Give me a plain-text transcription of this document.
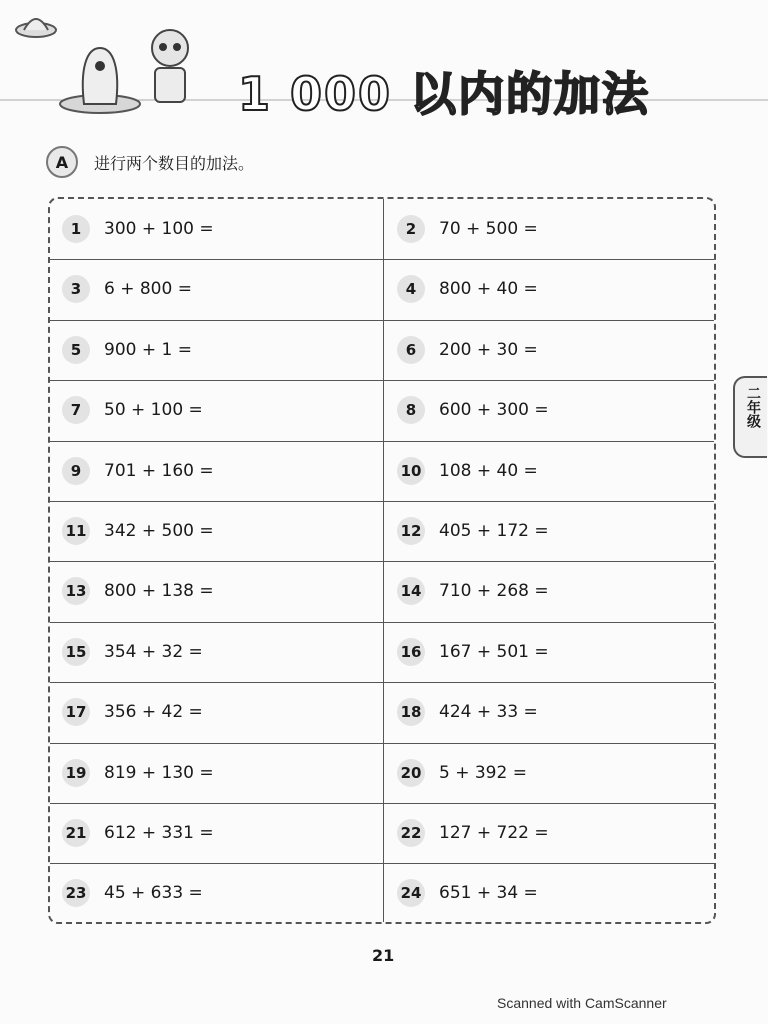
1 000 以内的加法
A	进行两个数目的加法。
1	300 + 100 =	2	70 + 500 =
3	6 + 800 =	4	800 + 40 =
5	900 + 1 =	6	200 + 30 =
7	50 + 100 =	8	600 + 300 =
9	701 + 160 =	10 108 + 40 =
11 342 + 500 =	12 405 + 172 =
13 800 + 138 =	14 710 + 268 =
15 354 + 32 =	16 167 + 501 =
17 356 + 42 =	18 424 + 33 =
19 819 + 130 =	20 5 + 392 =
21 612 + 331 =	22 127 + 722 =
23 45 + 633 =	24 651 + 34 =
二年级
21
Scanned with CamScanner
